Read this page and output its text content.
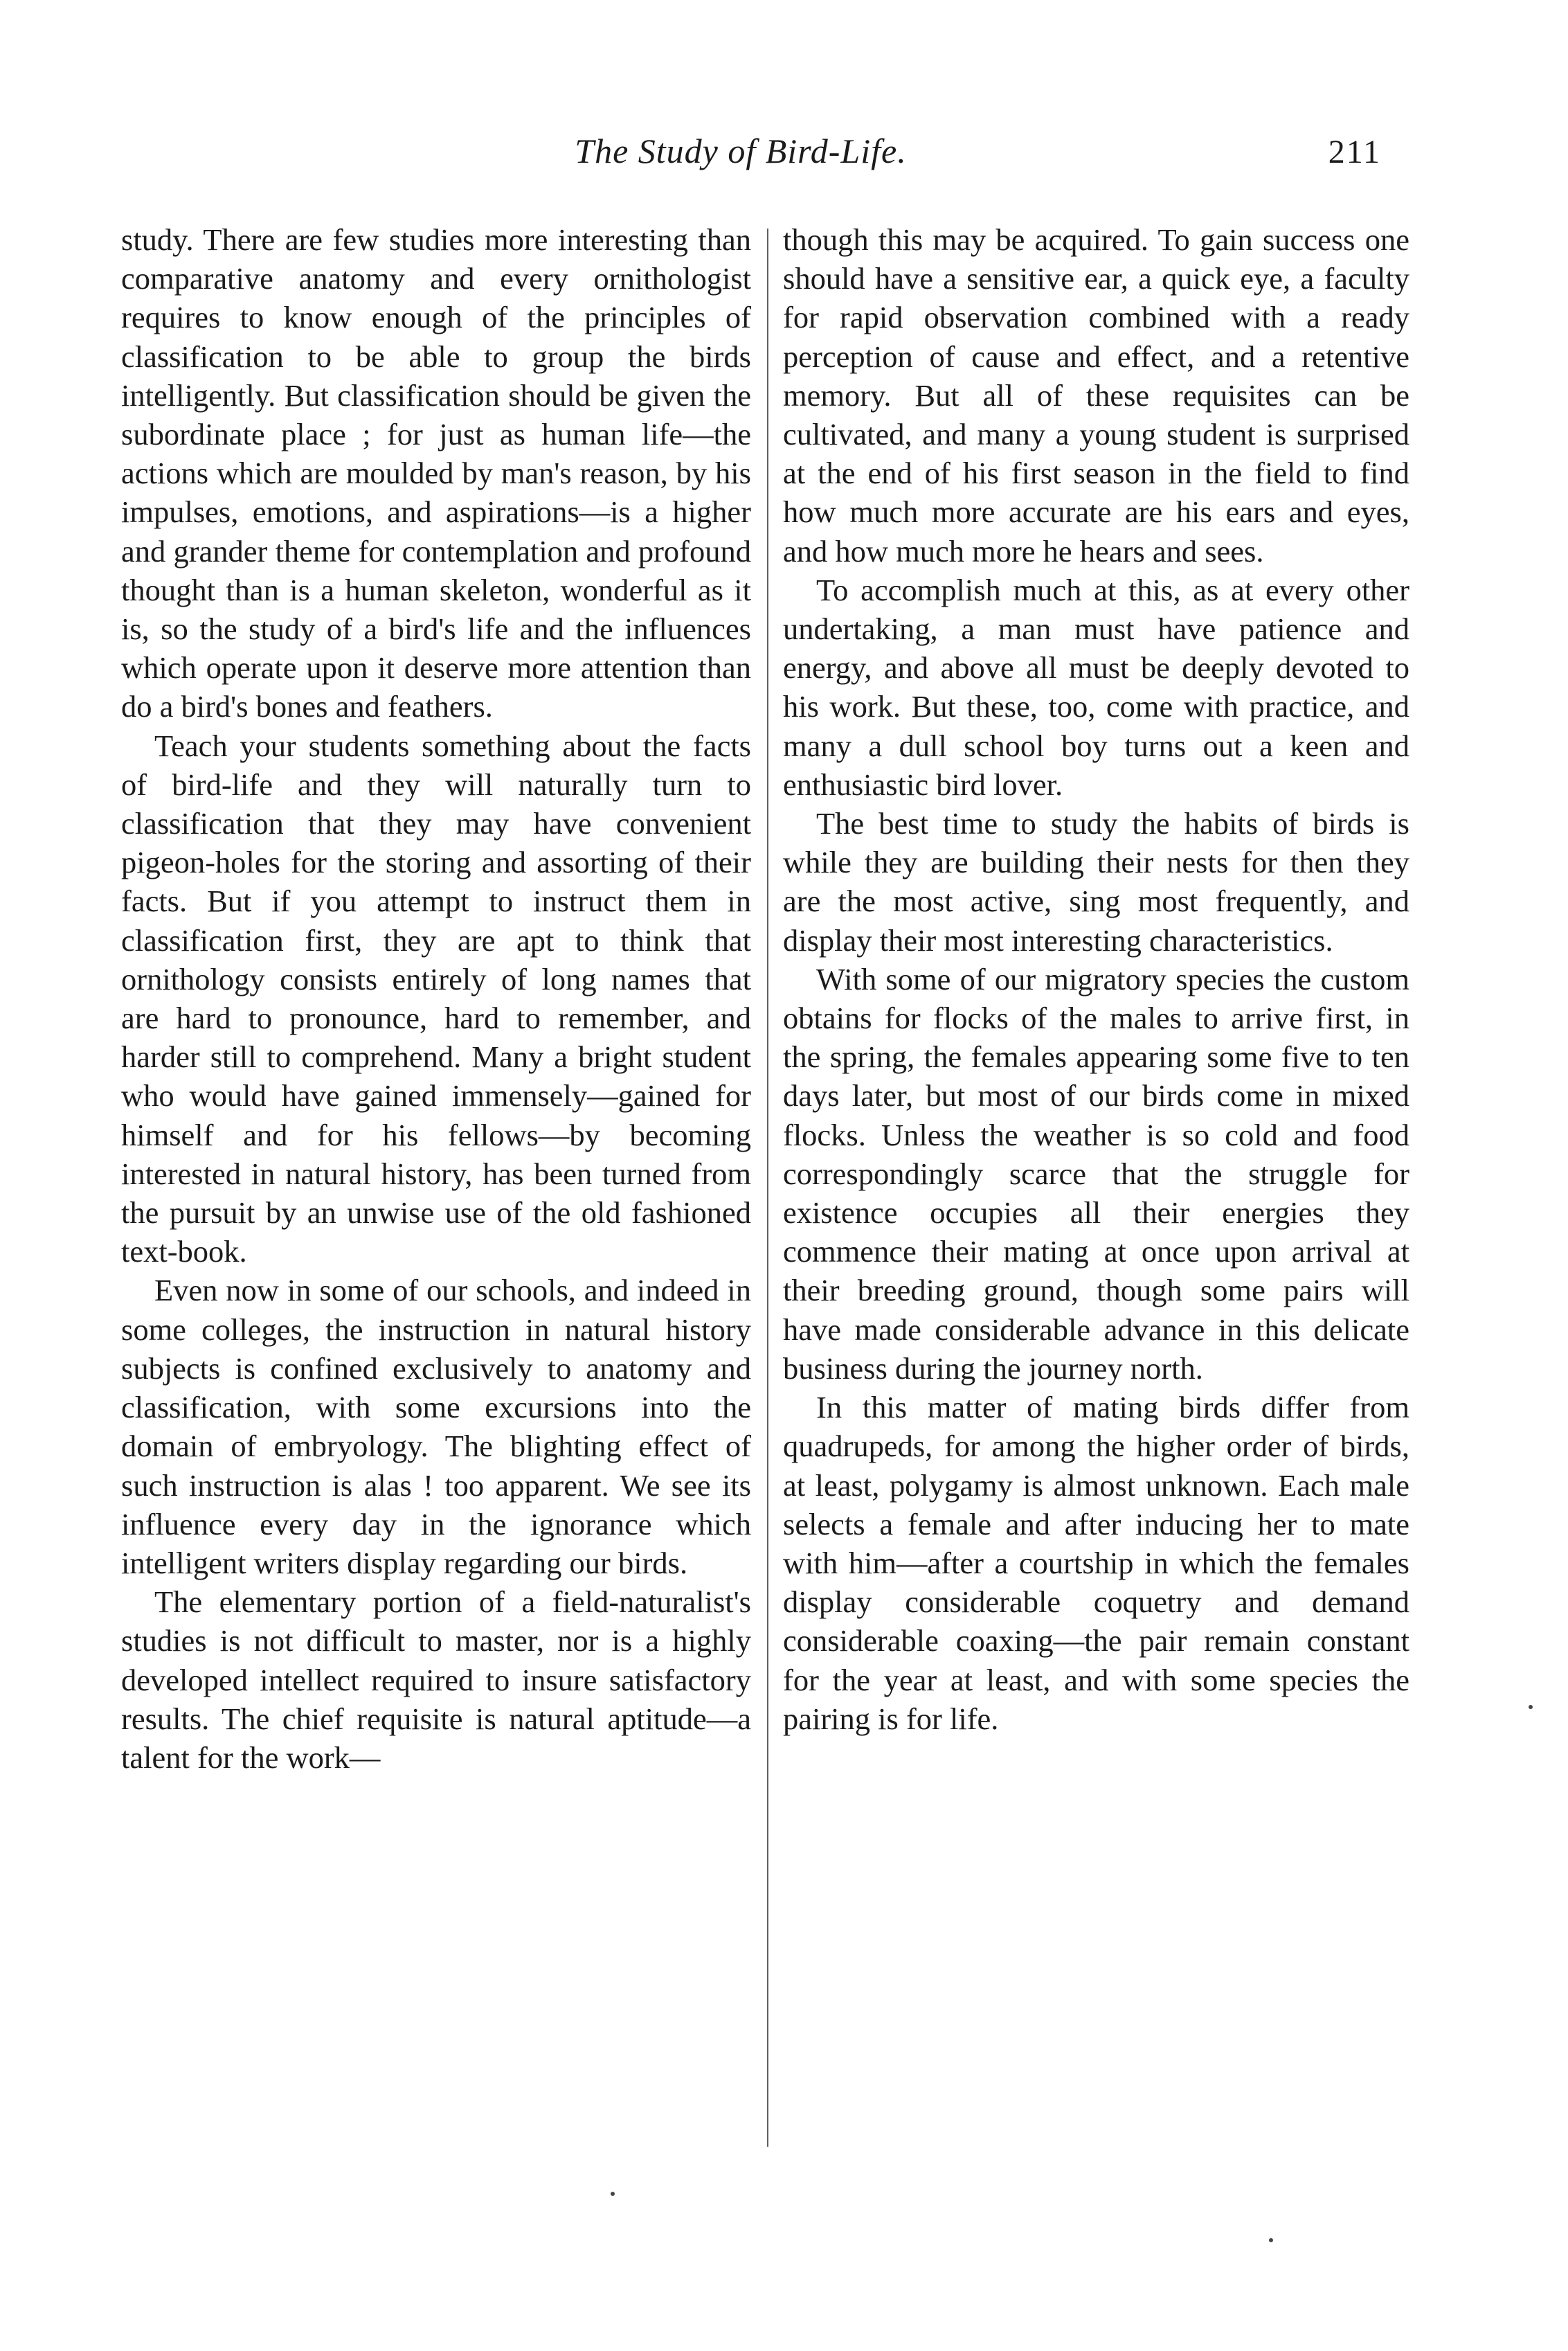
The Study of Bird-Life.	211

study. There are few studies more interesting than comparative anatomy and every ornithologist requires to know enough of the principles of classification to be able to group the birds intelligently. But classification should be given the subordinate place ; for just as human life—the actions which are moulded by man's reason, by his impulses, emotions, and aspirations—is a higher and grander theme for contemplation and profound thought than is a human skeleton, wonderful as it is, so the study of a bird's life and the influences which operate upon it deserve more attention than do a bird's bones and feathers.

Teach your students something about the facts of bird-life and they will naturally turn to classification that they may have convenient pigeon-holes for the storing and assorting of their facts. But if you attempt to instruct them in classification first, they are apt to think that ornithology consists entirely of long names that are hard to pronounce, hard to remember, and harder still to comprehend. Many a bright student who would have gained immensely—gained for himself and for his fellows—by becoming interested in natural history, has been turned from the pursuit by an unwise use of the old fashioned text-book.

Even now in some of our schools, and indeed in some colleges, the instruction in natural history subjects is confined exclusively to anatomy and classification, with some excursions into the domain of embryology. The blighting effect of such instruction is alas ! too apparent. We see its influence every day in the ignorance which intelligent writers display regarding our birds.

The elementary portion of a field-naturalist's studies is not difficult to master, nor is a highly developed intellect required to insure satisfactory results. The chief requisite is natural aptitude—a talent for the work—

though this may be acquired. To gain success one should have a sensitive ear, a quick eye, a faculty for rapid observation combined with a ready perception of cause and effect, and a retentive memory. But all of these requisites can be cultivated, and many a young student is surprised at the end of his first season in the field to find how much more accurate are his ears and eyes, and how much more he hears and sees.

To accomplish much at this, as at every other undertaking, a man must have patience and energy, and above all must be deeply devoted to his work. But these, too, come with practice, and many a dull school boy turns out a keen and enthusiastic bird lover.

The best time to study the habits of birds is while they are building their nests for then they are the most active, sing most frequently, and display their most interesting characteristics.

With some of our migratory species the custom obtains for flocks of the males to arrive first, in the spring, the females appearing some five to ten days later, but most of our birds come in mixed flocks. Unless the weather is so cold and food correspondingly scarce that the struggle for existence occupies all their energies they commence their mating at once upon arrival at their breeding ground, though some pairs will have made considerable advance in this delicate business during the journey north.

In this matter of mating birds differ from quadrupeds, for among the higher order of birds, at least, polygamy is almost unknown. Each male selects a female and after inducing her to mate with him—after a courtship in which the females display considerable coquetry and demand considerable coaxing—the pair remain constant for the year at least, and with some species the pairing is for life.
